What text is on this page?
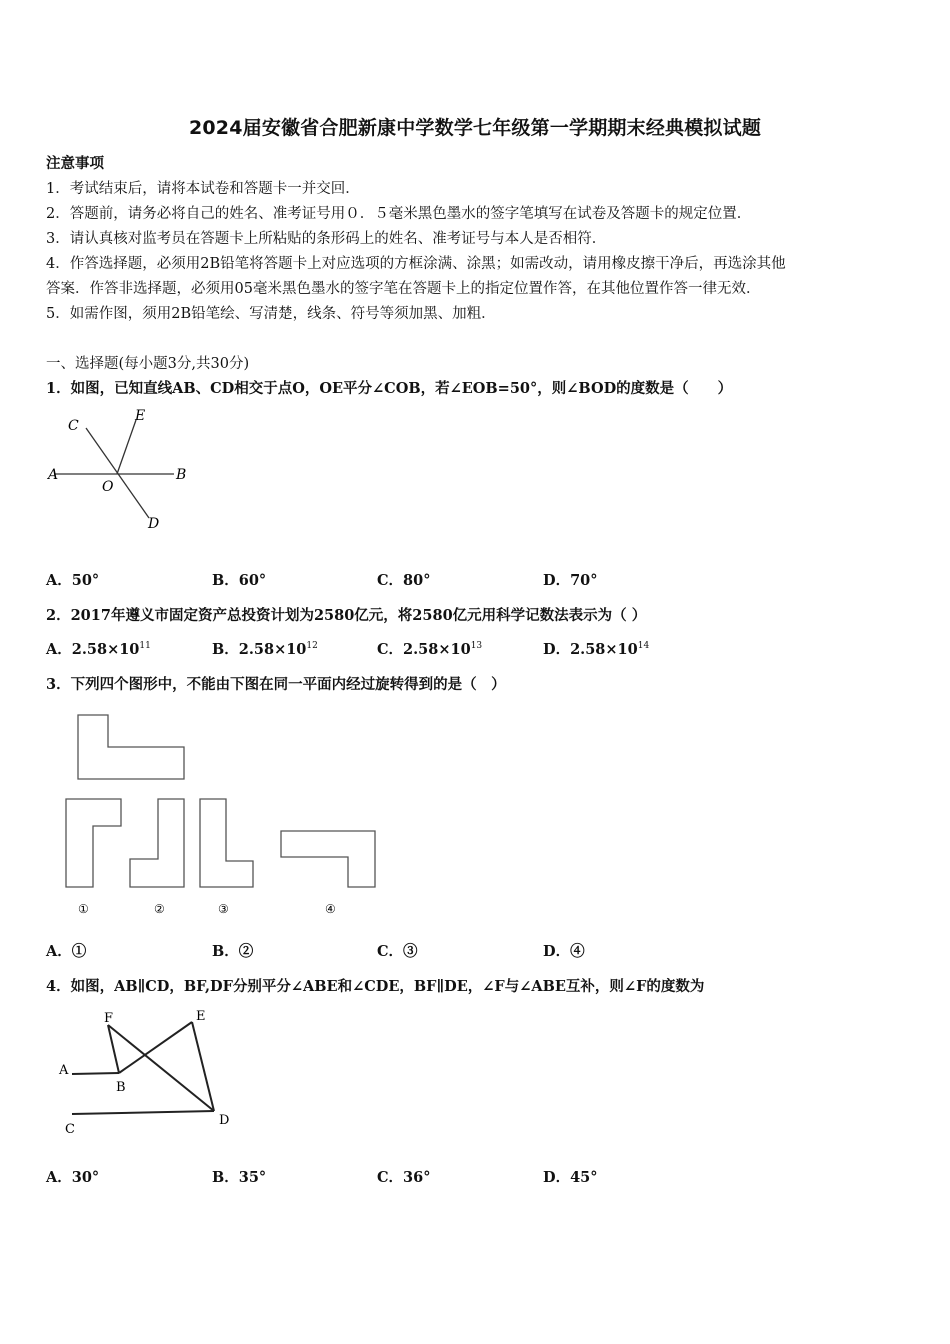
2024届安徽省合肥新康中学数学七年级第一学期期末经典模拟试题
注意事项
1．考试结束后，请将本试卷和答题卡一并交回．
2．答题前，请务必将自己的姓名、准考证号用０．５毫米黑色墨水的签字笔填写在试卷及答题卡的规定位置．
3．请认真核对监考员在答题卡上所粘贴的条形码上的姓名、准考证号与本人是否相符．
4．作答选择题，必须用2B铅笔将答题卡上对应选项的方框涂满、涂黑；如需改动，请用橡皮擦干净后，再选涂其他
答案．作答非选择题，必须用05毫米黑色墨水的签字笔在答题卡上的指定位置作答，在其他位置作答一律无效．
5．如需作图，须用2B铅笔绘、写清楚，线条、符号等须加黑、加粗．
一、选择题(每小题3分,共30分)
1．如图，已知直线AB、CD相交于点O，OE平分∠COB，若∠EOB=50°，则∠BOD的度数是（　　）
C
E
A
O
B
D
A．50°	B．60°	C．80°	D．70°
2．2017年遵义市固定资产总投资计划为2580亿元，将2580亿元用科学记数法表示为（ ）
A．$2.58\times 10^{11}$	B．$2.58\times 10^{12}$	C．$2.58\times 10^{13}$	D．$2.58\times 10^{14}$
3．下列四个图形中，不能由下图在同一平面内经过旋转得到的是（　）
①	②	③	④
A．①	B．②	C．③	D．④
4．如图，AB∥CD，BF,DF分别平分∠ABE和∠CDE，BF∥DE，∠F与∠ABE互补，则∠F的度数为
F	E
A
B
C
D
A．30°	B．35°	C．36°	D．45°
